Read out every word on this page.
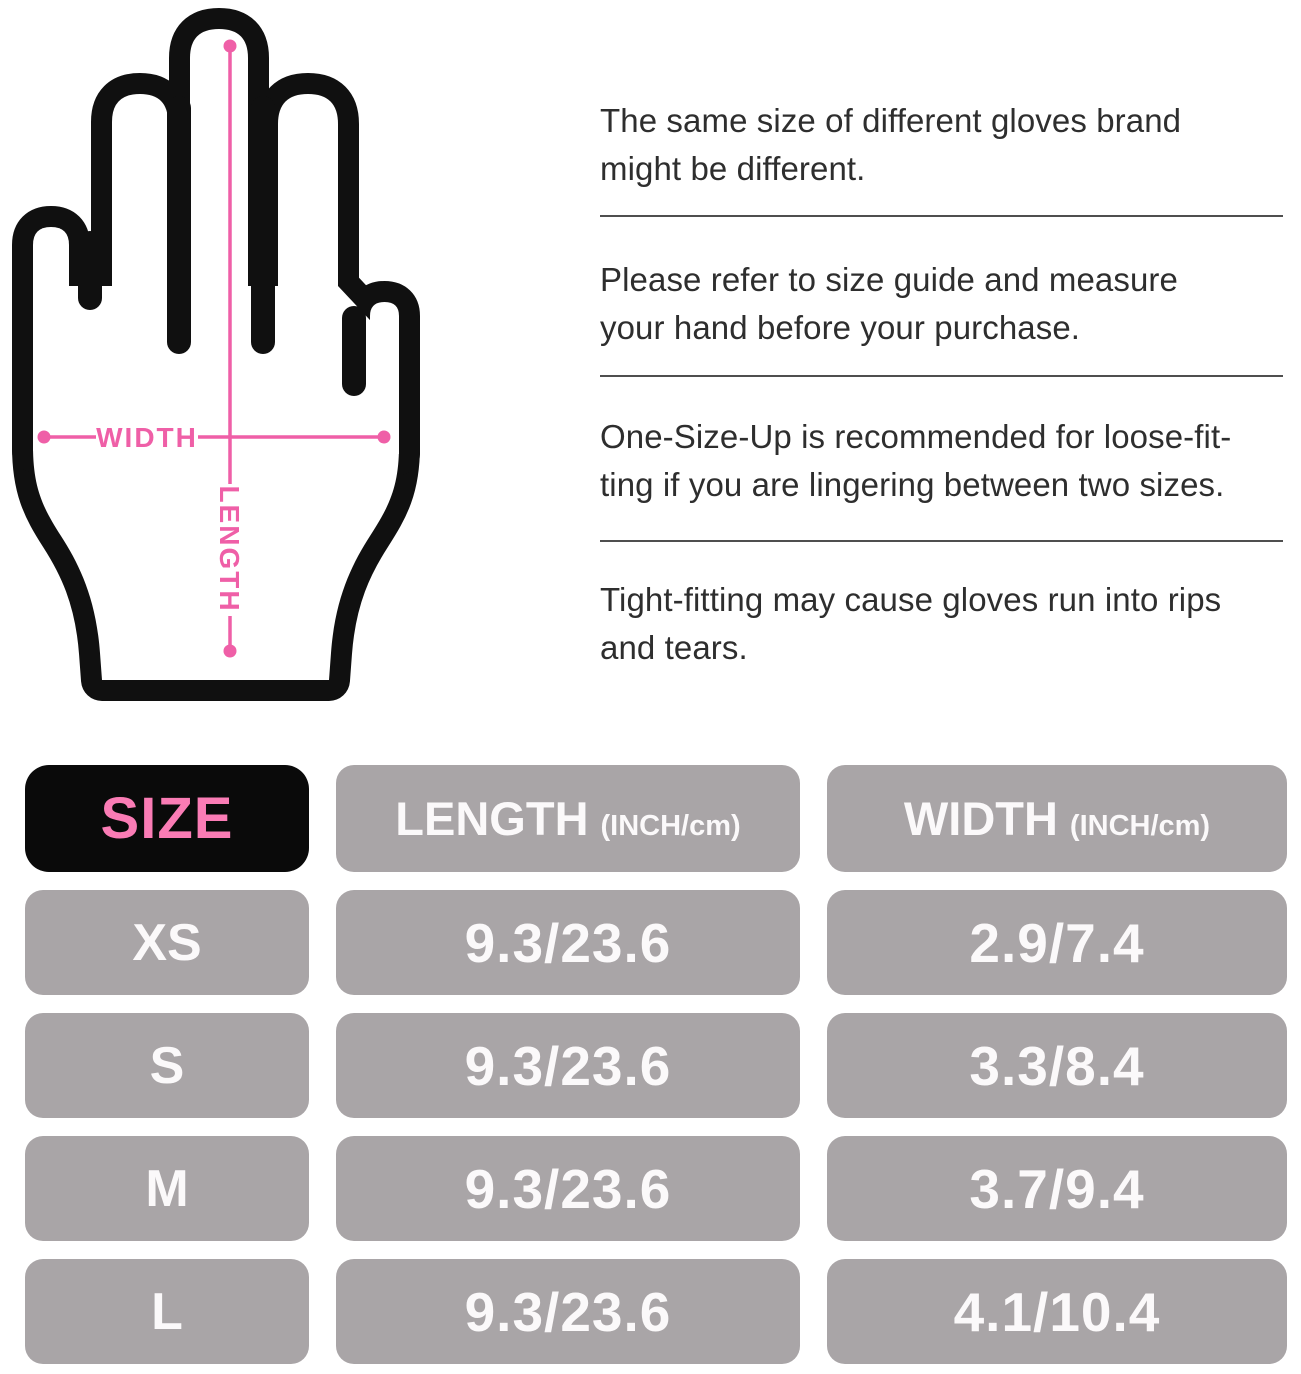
WIDTH
LENGTH
The same size of different gloves brand
might be different.
Please refer to size guide and measure
your hand before your purchase.
One-Size-Up is recommended for loose-fit-
ting if you are lingering between two sizes.
Tight-fitting may cause gloves run into rips
and tears.
SIZE	LENGTH (INCH/cm)	WIDTH (INCH/cm)
XS	9.3/23.6	2.9/7.4
S	9.3/23.6	3.3/8.4
M	9.3/23.6	3.7/9.4
L	9.3/23.6	4.1/10.4
